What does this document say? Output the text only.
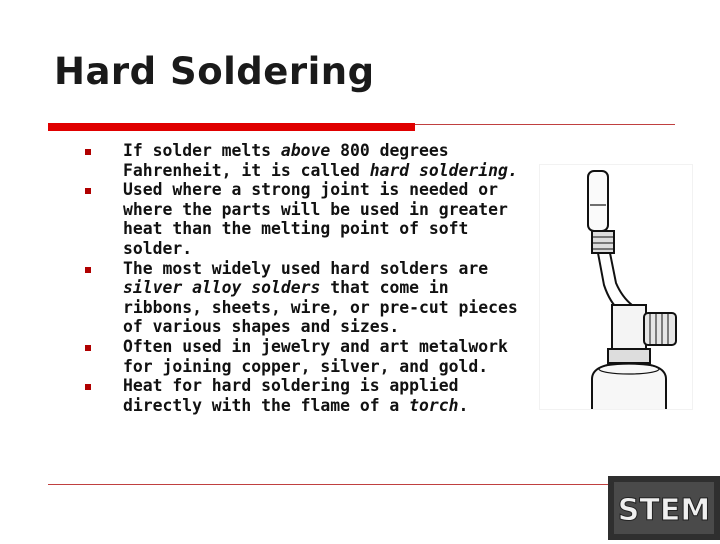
Hard Soldering
If solder melts above 800 degrees Fahrenheit, it is called hard soldering.
Used where a strong joint is needed or where the parts will be used in greater heat than the melting point of soft solder.
The most widely used hard solders are silver alloy solders that come in ribbons, sheets, wire, or pre-cut pieces of various shapes and sizes.
Often used in jewelry and art metalwork for joining copper, silver, and gold.
Heat for hard soldering is applied directly with the flame of a torch.
STEM
